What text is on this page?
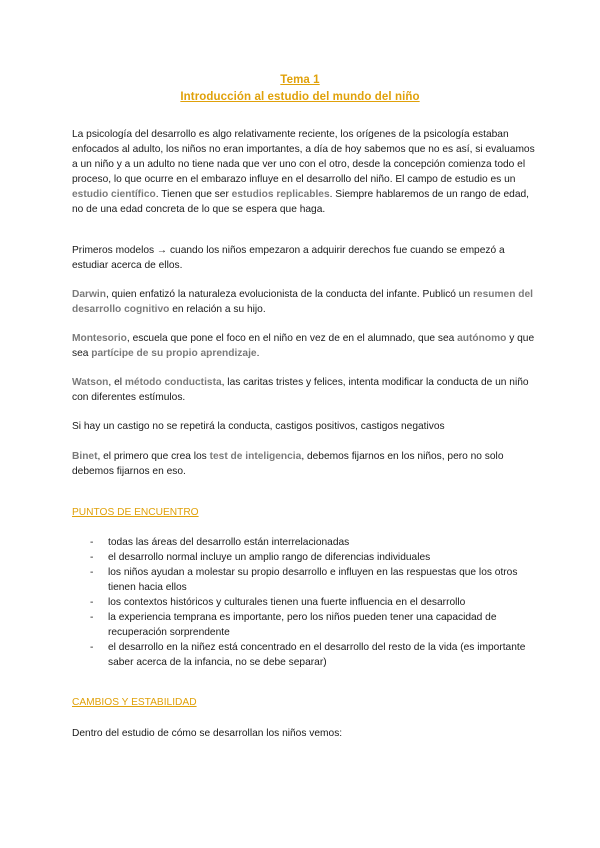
Tema 1
Introducción al estudio del mundo del niño

La psicología del desarrollo es algo relativamente reciente, los orígenes de la psicología estaban enfocados al adulto, los niños no eran importantes, a día de hoy sabemos que no es así, si evaluamos a un niño y a un adulto no tiene nada que ver uno con el otro, desde la concepción comienza todo el proceso, lo que ocurre en el embarazo influye en el desarrollo del niño. El campo de estudio es un estudio científico. Tienen que ser estudios replicables. Siempre hablaremos de un rango de edad, no de una edad concreta de lo que se espera que haga.

Primeros modelos → cuando los niños empezaron a adquirir derechos fue cuando se empezó a estudiar acerca de ellos.

Darwin, quien enfatizó la naturaleza evolucionista de la conducta del infante. Publicó un resumen del desarrollo cognitivo en relación a su hijo.

Montesorio, escuela que pone el foco en el niño en vez de en el alumnado, que sea autónomo y que sea partícipe de su propio aprendizaje.

Watson, el método conductista, las caritas tristes y felices, intenta modificar la conducta de un niño con diferentes estímulos.

Si hay un castigo no se repetirá la conducta, castigos positivos, castigos negativos

Binet, el primero que crea los test de inteligencia, debemos fijarnos en los niños, pero no solo debemos fijarnos en eso.

PUNTOS DE ENCUENTRO
- todas las áreas del desarrollo están interrelacionadas
- el desarrollo normal incluye un amplio rango de diferencias individuales
- los niños ayudan a molestar su propio desarrollo e influyen en las respuestas que los otros tienen hacia ellos
- los contextos históricos y culturales tienen una fuerte influencia en el desarrollo
- la experiencia temprana es importante, pero los niños pueden tener una capacidad de recuperación sorprendente
- el desarrollo en la niñez está concentrado en el desarrollo del resto de la vida (es importante saber acerca de la infancia, no se debe separar)
CAMBIOS Y ESTABILIDAD

Dentro del estudio de cómo se desarrollan los niños vemos:
